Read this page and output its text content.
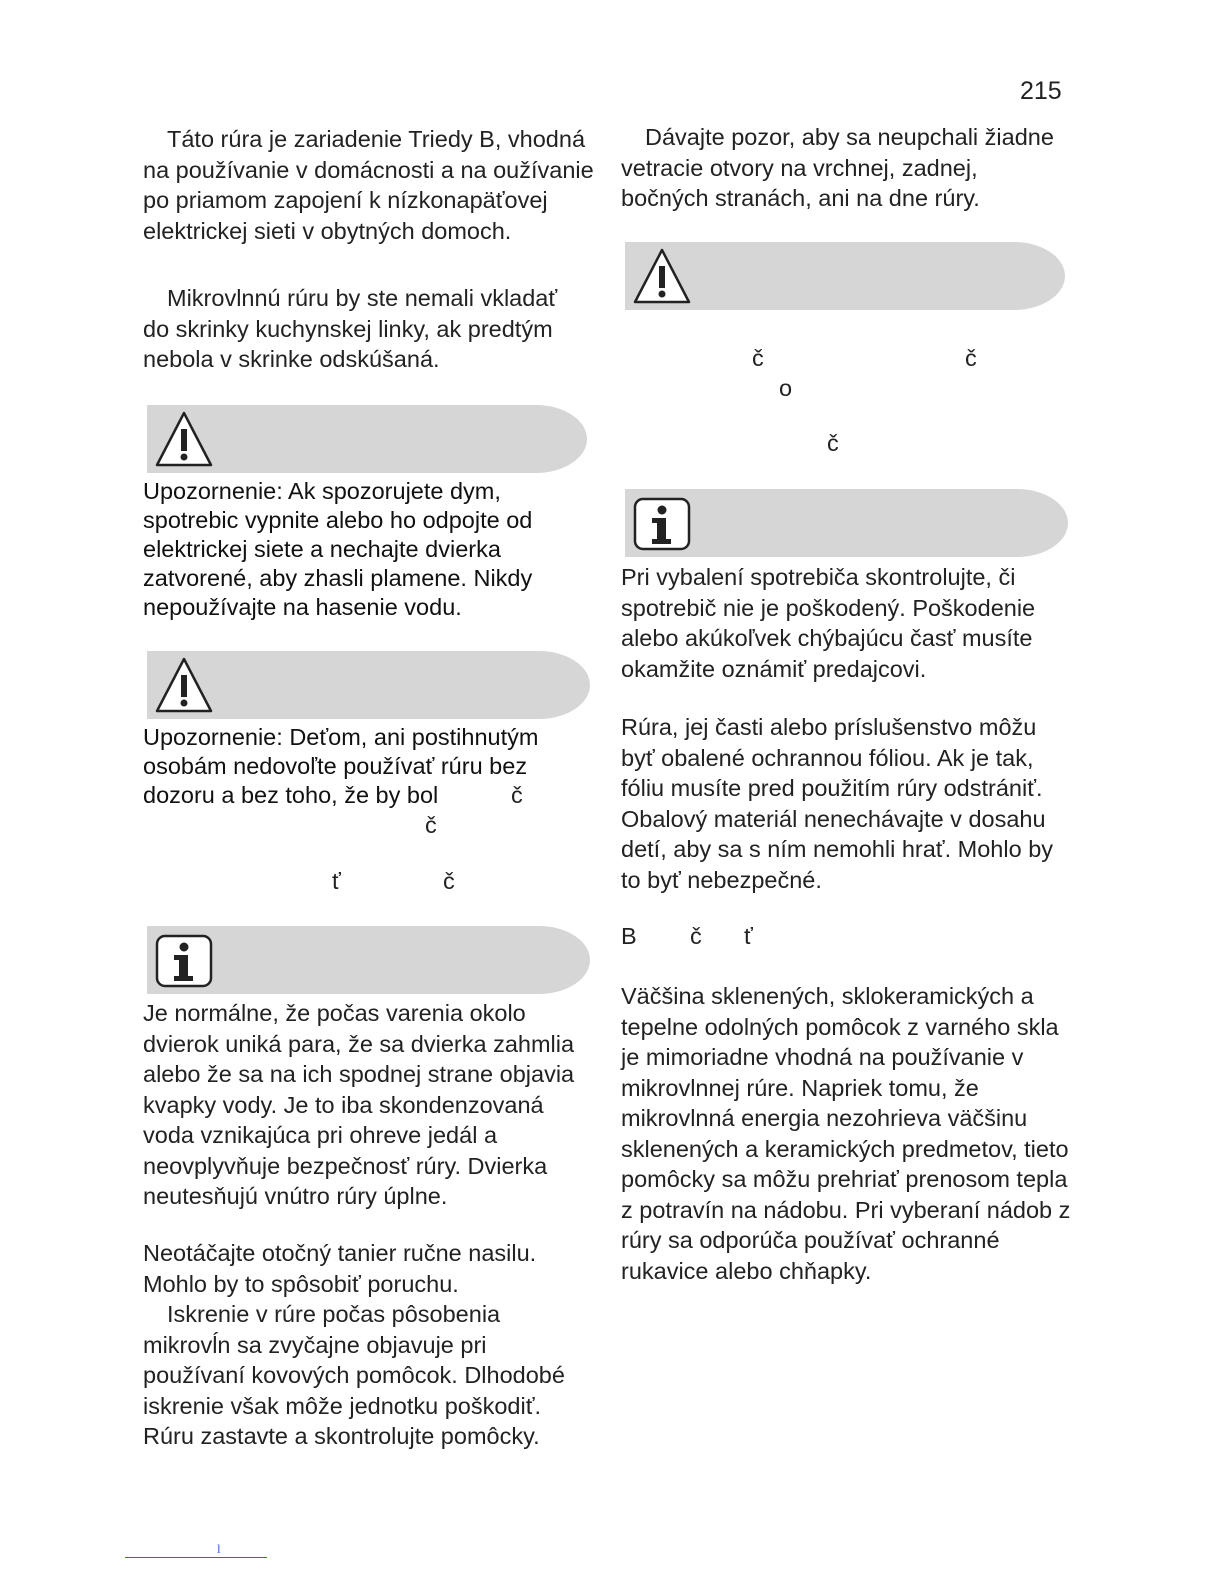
215

Táto rúra je zariadenie Triedy B, vhodná na používanie v domácnosti a na oužívanie po priamom zapojení k nízkonapäťovej elektrickej sieti v obytných domoch.

Mikrovlnnú rúru by ste nemali vkladať do skrinky kuchynskej linky, ak predtým nebola v skrinke odskúšaná.

Upozornenie: Ak spozorujete dym, spotrebic vypnite alebo ho odpojte od elektrickej siete a nechajte dvierka zatvorené, aby zhasli plamene. Nikdy nepoužívajte na hasenie vodu.

Upozornenie: Deťom, ani postihnutým osobám nedovoľte používať rúru bez dozoru a bez toho, že by bol	č
č
ť	č

Je normálne, že počas varenia okolo dvierok uniká para, že sa dvierka zahmlia alebo že sa na ich spodnej strane objavia kvapky vody. Je to iba skondenzovaná voda vznikajúca pri ohreve jedál a neovplyvňuje bezpečnosť rúry. Dvierka neutesňujú vnútro rúry úplne.

Neotáčajte otočný tanier ručne nasilu. Mohlo by to spôsobiť poruchu.

Iskrenie v rúre počas pôsobenia mikrovĺn sa zvyčajne objavuje pri používaní kovových pomôcok. Dlhodobé iskrenie však môže jednotku poškodiť. Rúru zastavte a skontrolujte pomôcky.

Dávajte pozor, aby sa neupchali žiadne vetracie otvory na vrchnej, zadnej, bočných stranách, ani na dne rúry.

č	č
o
č

Pri vybalení spotrebiča skontrolujte, či spotrebič nie je poškodený. Poškodenie alebo akúkoľvek chýbajúcu časť musíte okamžite oznámiť predajcovi.

Rúra, jej časti alebo príslušenstvo môžu byť obalené ochrannou fóliou. Ak je tak, fóliu musíte pred použitím rúry odstrániť. Obalový materiál nenechávajte v dosahu detí, aby sa s ním nemohli hrať. Mohlo by to byť nebezpečné.

B č ť

Väčšina sklenených, sklokeramických a tepelne odolných pomôcok z varného skla je mimoriadne vhodná na používanie v mikrovlnnej rúre. Napriek tomu, že mikrovlnná energia nezohrieva väčšinu sklenených a keramických predmetov, tieto pomôcky sa môžu prehriať prenosom tepla z potravín na nádobu. Pri vyberaní nádob z rúry sa odporúča používať ochranné rukavice alebo chňapky.

l
